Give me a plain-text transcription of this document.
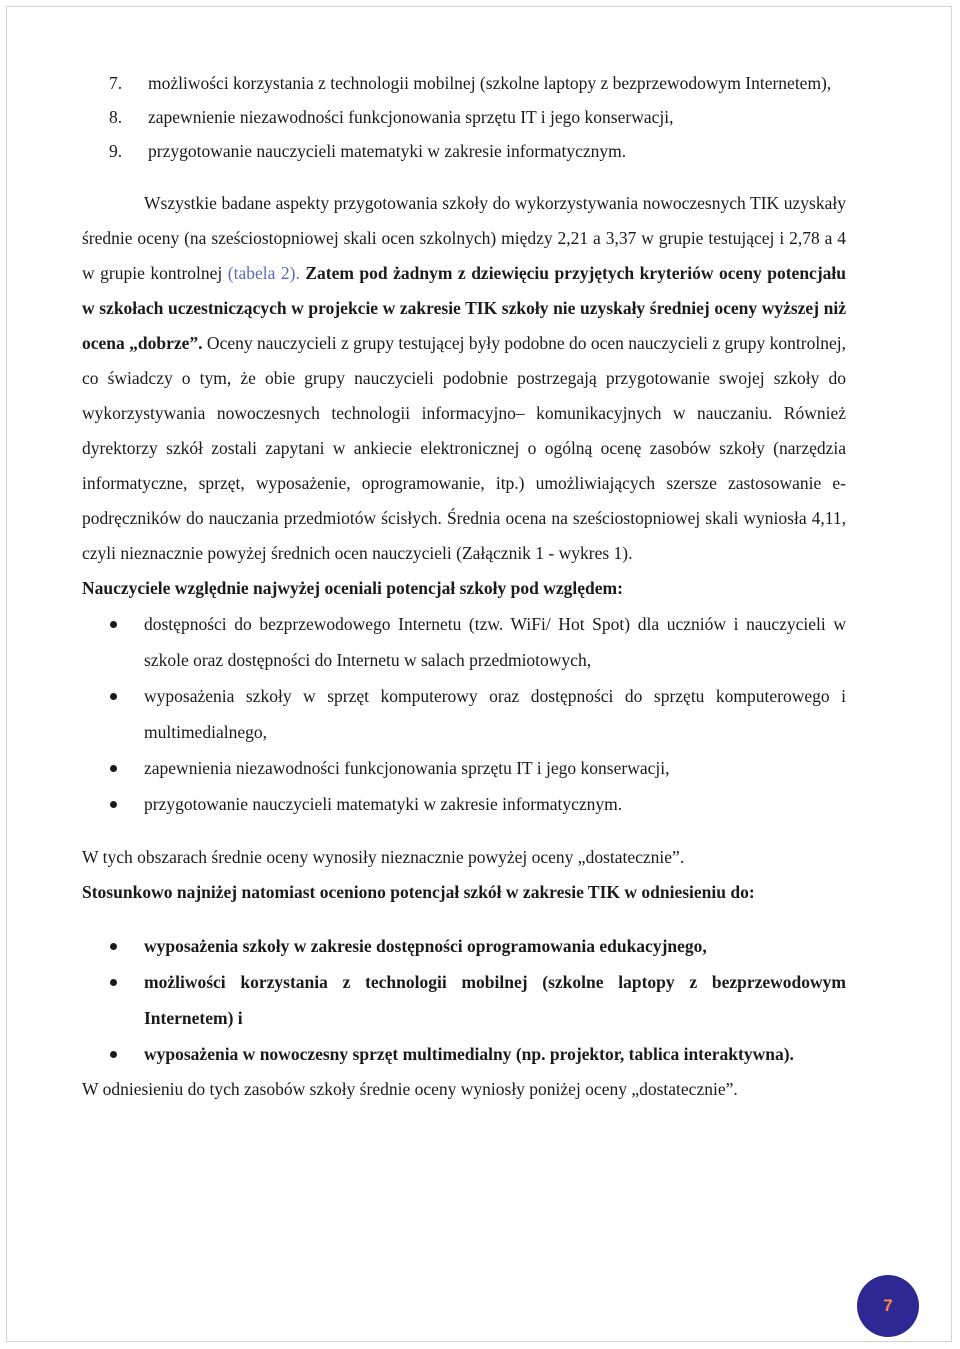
7. możliwości korzystania z technologii mobilnej (szkolne laptopy z bezprzewodowym Internetem),
8. zapewnienie niezawodności funkcjonowania sprzętu IT i jego konserwacji,
9. przygotowanie nauczycieli matematyki w zakresie informatycznym.

Wszystkie badane aspekty przygotowania szkoły do wykorzystywania nowoczesnych TIK uzyskały średnie oceny (na sześciostopniowej skali ocen szkolnych) między 2,21 a 3,37 w grupie testującej i 2,78 a 4 w grupie kontrolnej (tabela 2). Zatem pod żadnym z dziewięciu przyjętych kryteriów oceny potencjału w szkołach uczestniczących w projekcie w zakresie TIK szkoły nie uzyskały średniej oceny wyższej niż ocena „dobrze”. Oceny nauczycieli z grupy testującej były podobne do ocen nauczycieli z grupy kontrolnej, co świadczy o tym, że obie grupy nauczycieli podobnie postrzegają przygotowanie swojej szkoły do wykorzystywania nowoczesnych technologii informacyjno– komunikacyjnych w nauczaniu. Również dyrektorzy szkół zostali zapytani w ankiecie elektronicznej o ogólną ocenę zasobów szkoły (narzędzia informatyczne, sprzęt, wyposażenie, oprogramowanie, itp.) umożliwiających szersze zastosowanie e-podręczników do nauczania przedmiotów ścisłych. Średnia ocena na sześciostopniowej skali wyniosła 4,11, czyli nieznacznie powyżej średnich ocen nauczycieli (Załącznik 1 - wykres 1).

Nauczyciele względnie najwyżej oceniali potencjał szkoły pod względem:

dostępności do bezprzewodowego Internetu (tzw. WiFi/ Hot Spot) dla uczniów i nauczycieli w szkole oraz dostępności do Internetu w salach przedmiotowych,
wyposażenia szkoły w sprzęt komputerowy oraz dostępności do sprzętu komputerowego i multimedialnego,
zapewnienia niezawodności funkcjonowania sprzętu IT i jego konserwacji,
przygotowanie nauczycieli matematyki w zakresie informatycznym.

W tych obszarach średnie oceny wynosiły nieznacznie powyżej oceny „dostatecznie”.

Stosunkowo najniżej natomiast oceniono potencjał szkół w zakresie TIK w odniesieniu do:

wyposażenia szkoły w zakresie dostępności oprogramowania edukacyjnego,
możliwości korzystania z technologii mobilnej (szkolne laptopy z bezprzewodowym Internetem) i
wyposażenia w nowoczesny sprzęt multimedialny (np. projektor, tablica interaktywna).

W odniesieniu do tych zasobów szkoły średnie oceny wyniosły poniżej oceny „dostatecznie”.

7
